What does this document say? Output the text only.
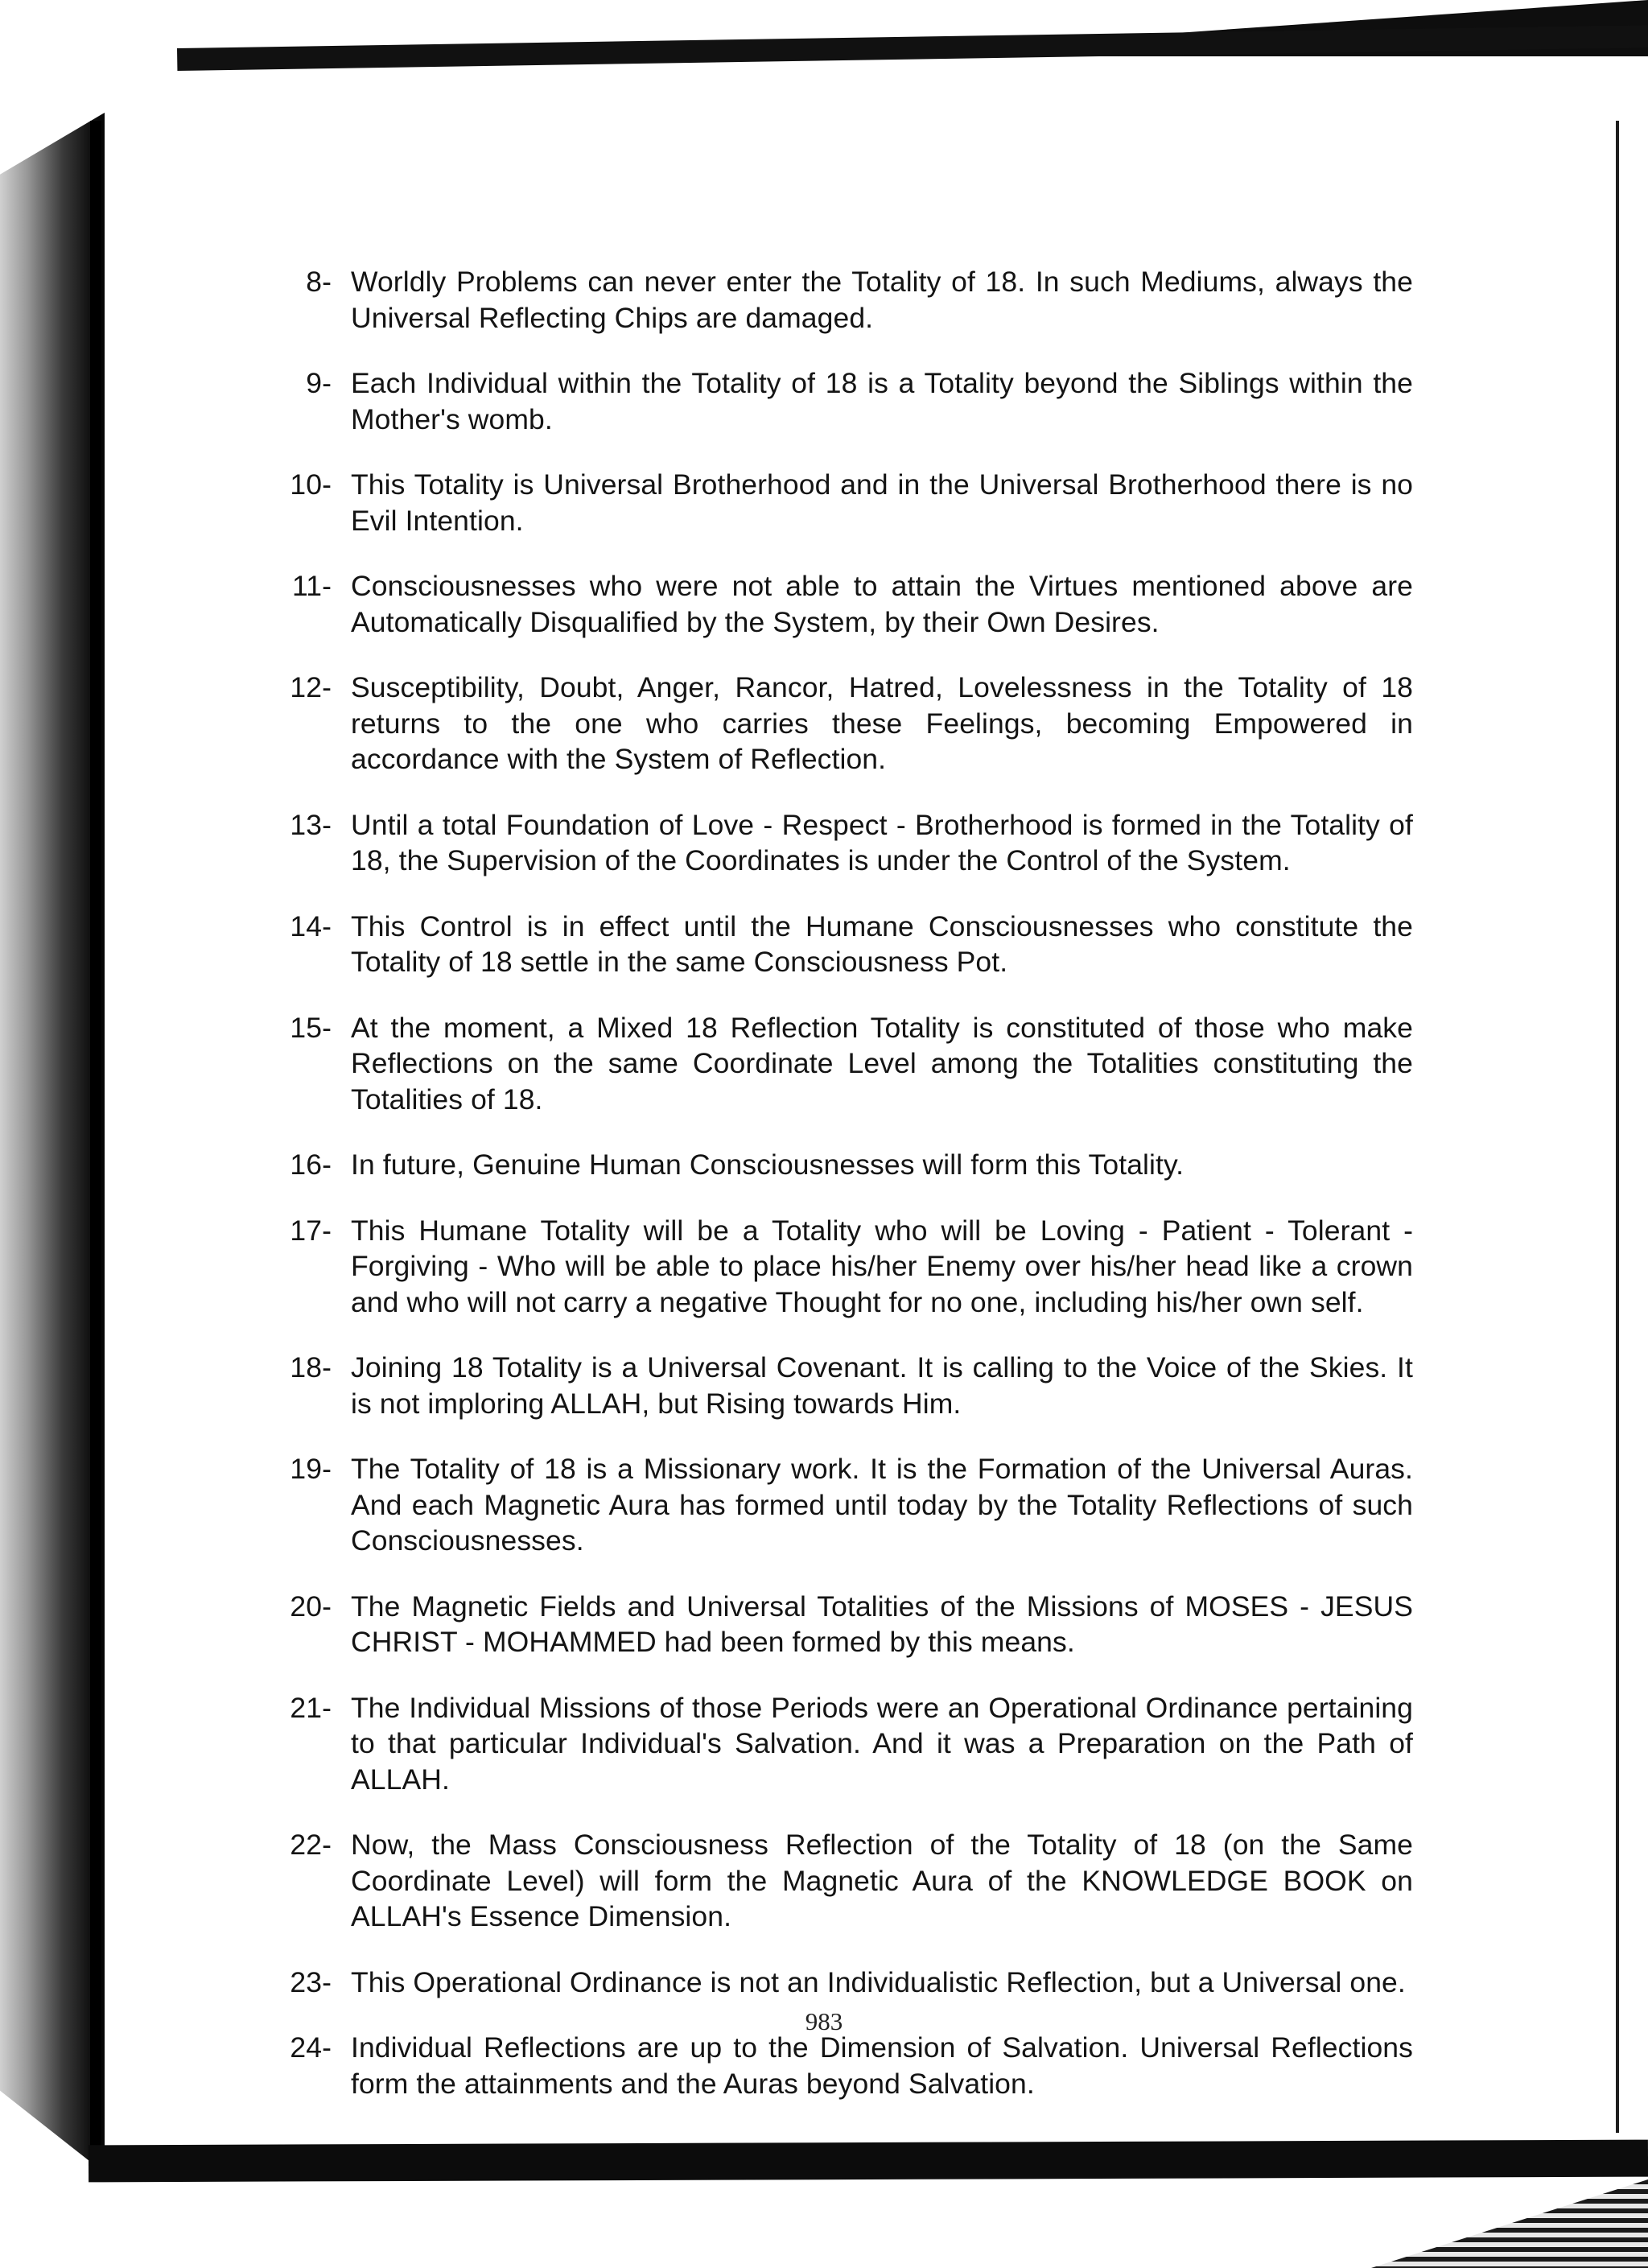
8- Worldly Problems can never enter the Totality of 18. In such Mediums, always the Universal Reflecting Chips are damaged.
9- Each Individual within the Totality of 18 is a Totality beyond the Siblings within the Mother's womb.
10- This Totality is Universal Brotherhood and in the Universal Brotherhood there is no Evil Intention.
11- Consciousnesses who were not able to attain the Virtues mentioned above are Automatically Disqualified by the System, by their Own Desires.
12- Susceptibility, Doubt, Anger, Rancor, Hatred, Lovelessness in the Totality of 18 returns to the one who carries these Feelings, becoming Empowered in accordance with the System of Reflection.
13- Until a total Foundation of Love - Respect - Brotherhood is formed in the Totality of 18, the Supervision of the Coordinates is under the Control of the System.
14- This Control is in effect until the Humane Consciousnesses who constitute the Totality of 18 settle in the same Consciousness Pot.
15- At the moment, a Mixed 18 Reflection Totality is constituted of those who make Reflections on the same Coordinate Level among the Totalities constituting the Totalities of 18.
16- In future, Genuine Human Consciousnesses will form this Totality.
17- This Humane Totality will be a Totality who will be Loving - Patient - Tolerant - Forgiving - Who will be able to place his/her Enemy over his/her head like a crown and who will not carry a negative Thought for no one, including his/her own self.
18- Joining 18 Totality is a Universal Covenant. It is calling to the Voice of the Skies. It is not imploring ALLAH, but Rising towards Him.
19- The Totality of 18 is a Missionary work. It is the Formation of the Universal Auras. And each Magnetic Aura has formed until today by the Totality Reflections of such Consciousnesses.
20- The Magnetic Fields and Universal Totalities of the Missions of MOSES - JESUS CHRIST - MOHAMMED had been formed by this means.
21- The Individual Missions of those Periods were an Operational Ordinance pertaining to that particular Individual's Salvation. And it was a Preparation on the Path of ALLAH.
22- Now, the Mass Consciousness Reflection of the Totality of 18 (on the Same Coordinate Level) will form the Magnetic Aura of the KNOWLEDGE BOOK on ALLAH's Essence Dimension.
23- This Operational Ordinance is not an Individualistic Reflection, but a Universal one.
24- Individual Reflections are up to the Dimension of Salvation. Universal Reflections form the attainments and the Auras beyond Salvation.
983
